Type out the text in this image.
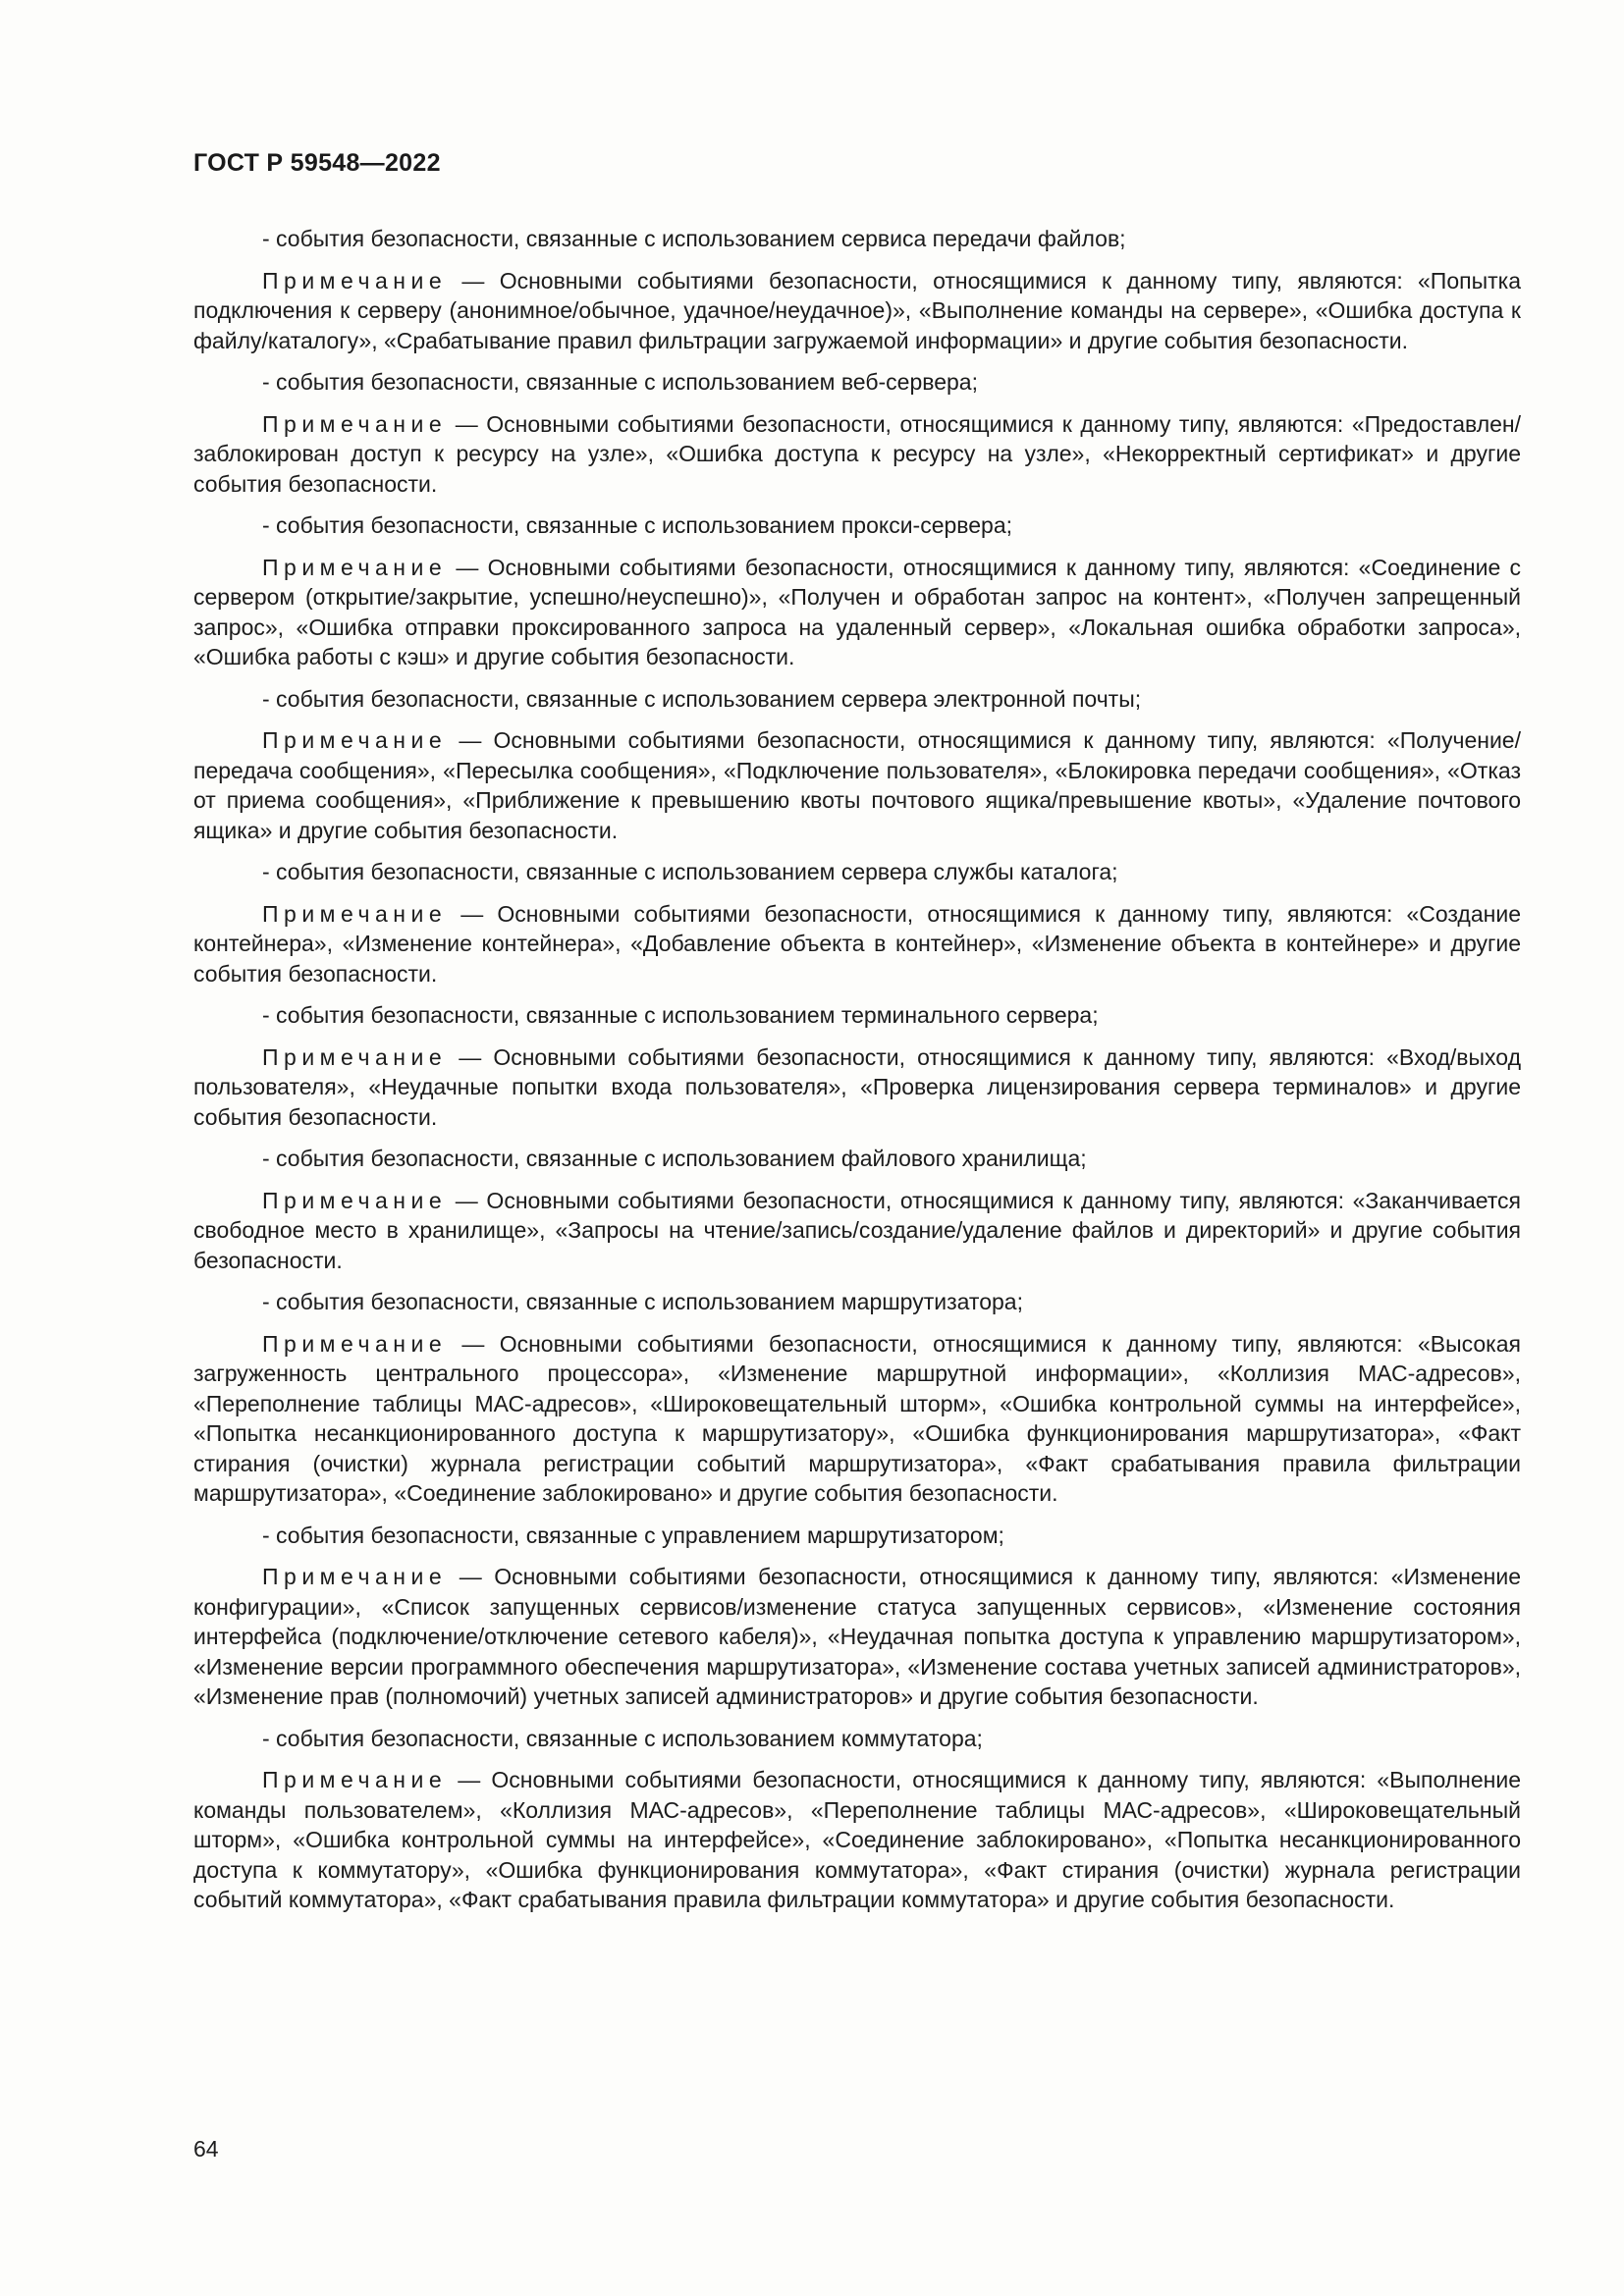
ГОСТ Р 59548—2022

- события безопасности, связанные с использованием сервиса передачи файлов;

Примечание — Основными событиями безопасности, относящимися к данному типу, являются: «Попытка подключения к серверу (анонимное/обычное, удачное/неудачное)», «Выполнение команды на сервере», «Ошибка доступа к файлу/каталогу», «Срабатывание правил фильтрации загружаемой информации» и другие события безопасности.

- события безопасности, связанные с использованием веб-сервера;

Примечание — Основными событиями безопасности, относящимися к данному типу, являются: «Предоставлен/заблокирован доступ к ресурсу на узле», «Ошибка доступа к ресурсу на узле», «Некорректный сертификат» и другие события безопасности.

- события безопасности, связанные с использованием прокси-сервера;

Примечание — Основными событиями безопасности, относящимися к данному типу, являются: «Соединение с сервером (открытие/закрытие, успешно/неуспешно)», «Получен и обработан запрос на контент», «Получен запрещенный запрос», «Ошибка отправки проксированного запроса на удаленный сервер», «Локальная ошибка обработки запроса», «Ошибка работы с кэш» и другие события безопасности.

- события безопасности, связанные с использованием сервера электронной почты;

Примечание — Основными событиями безопасности, относящимися к данному типу, являются: «Получение/передача сообщения», «Пересылка сообщения», «Подключение пользователя», «Блокировка передачи сообщения», «Отказ от приема сообщения», «Приближение к превышению квоты почтового ящика/превышение квоты», «Удаление почтового ящика» и другие события безопасности.

- события безопасности, связанные с использованием сервера службы каталога;

Примечание — Основными событиями безопасности, относящимися к данному типу, являются: «Создание контейнера», «Изменение контейнера», «Добавление объекта в контейнер», «Изменение объекта в контейнере» и другие события безопасности.

- события безопасности, связанные с использованием терминального сервера;

Примечание — Основными событиями безопасности, относящимися к данному типу, являются: «Вход/выход пользователя», «Неудачные попытки входа пользователя», «Проверка лицензирования сервера терминалов» и другие события безопасности.

- события безопасности, связанные с использованием файлового хранилища;

Примечание — Основными событиями безопасности, относящимися к данному типу, являются: «Заканчивается свободное место в хранилище», «Запросы на чтение/запись/создание/удаление файлов и директорий» и другие события безопасности.

- события безопасности, связанные с использованием маршрутизатора;

Примечание — Основными событиями безопасности, относящимися к данному типу, являются: «Высокая загруженность центрального процессора», «Изменение маршрутной информации», «Коллизия МАС-адресов», «Переполнение таблицы МАС-адресов», «Широковещательный шторм», «Ошибка контрольной суммы на интерфейсе», «Попытка несанкционированного доступа к маршрутизатору», «Ошибка функционирования маршрутизатора», «Факт стирания (очистки) журнала регистрации событий маршрутизатора», «Факт срабатывания правила фильтрации маршрутизатора», «Соединение заблокировано» и другие события безопасности.

- события безопасности, связанные с управлением маршрутизатором;

Примечание — Основными событиями безопасности, относящимися к данному типу, являются: «Изменение конфигурации», «Список запущенных сервисов/изменение статуса запущенных сервисов», «Изменение состояния интерфейса (подключение/отключение сетевого кабеля)», «Неудачная попытка доступа к управлению маршрутизатором», «Изменение версии программного обеспечения маршрутизатора», «Изменение состава учетных записей администраторов», «Изменение прав (полномочий) учетных записей администраторов» и другие события безопасности.

- события безопасности, связанные с использованием коммутатора;

Примечание — Основными событиями безопасности, относящимися к данному типу, являются: «Выполнение команды пользователем», «Коллизия МАС-адресов», «Переполнение таблицы МАС-адресов», «Широковещательный шторм», «Ошибка контрольной суммы на интерфейсе», «Соединение заблокировано», «Попытка несанкционированного доступа к коммутатору», «Ошибка функционирования коммутатора», «Факт стирания (очистки) журнала регистрации событий коммутатора», «Факт срабатывания правила фильтрации коммутатора» и другие события безопасности.

64
